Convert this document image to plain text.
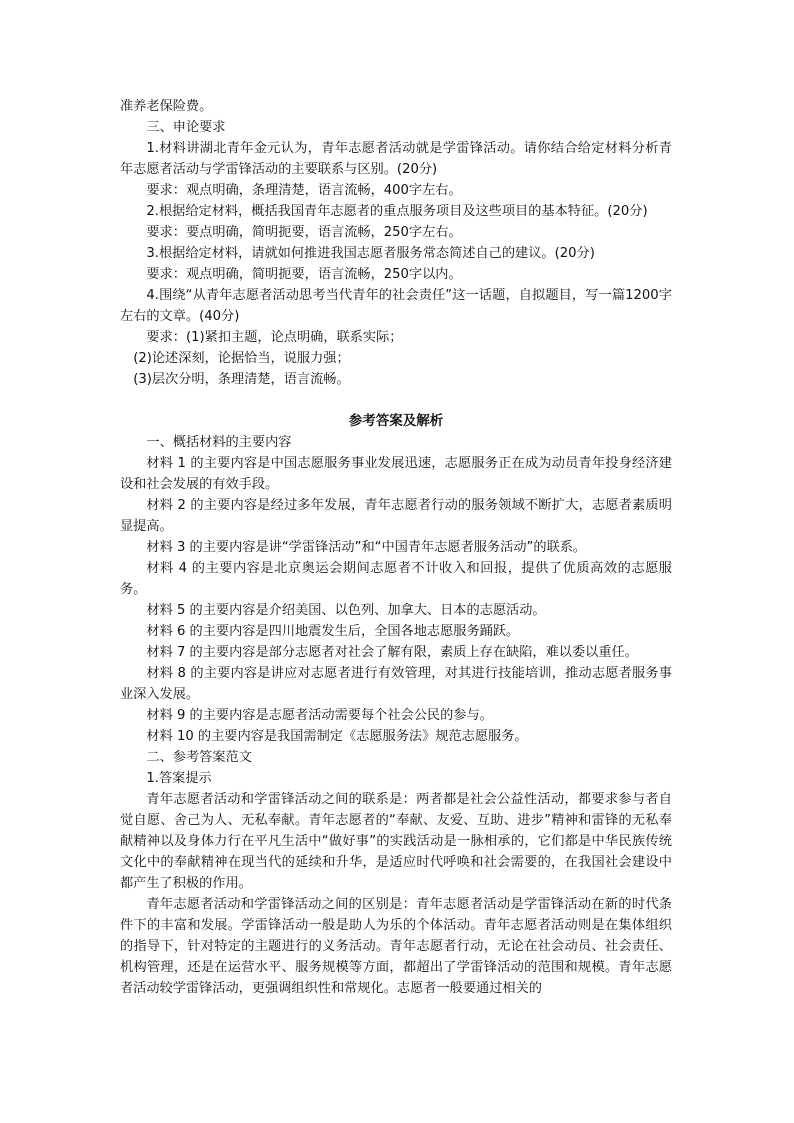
准养老保险费。

三、申论要求

1.材料讲湖北青年金元认为，青年志愿者活动就是学雷锋活动。请你结合给定材料分析青年志愿者活动与学雷锋活动的主要联系与区别。(20分)

要求：观点明确，条理清楚，语言流畅，400字左右。

2.根据给定材料，概括我国青年志愿者的重点服务项目及这些项目的基本特征。(20分)

要求：要点明确，简明扼要，语言流畅，250字左右。

3.根据给定材料，请就如何推进我国志愿者服务常态简述自己的建议。(20分)

要求：观点明确，简明扼要，语言流畅，250字以内。

4.围绕“从青年志愿者活动思考当代青年的社会责任”这一话题，自拟题目，写一篇1200字左右的文章。(40分)

要求：(1)紧扣主题，论点明确，联系实际；

(2)论述深刻，论据恰当，说服力强；

(3)层次分明，条理清楚，语言流畅。

参考答案及解析

一、概括材料的主要内容

材料 1 的主要内容是中国志愿服务事业发展迅速，志愿服务正在成为动员青年投身经济建设和社会发展的有效手段。

材料 2 的主要内容是经过多年发展，青年志愿者行动的服务领域不断扩大，志愿者素质明显提高。

材料 3 的主要内容是讲“学雷锋活动”和“中国青年志愿者服务活动”的联系。

材料 4 的主要内容是北京奥运会期间志愿者不计收入和回报，提供了优质高效的志愿服务。

材料 5 的主要内容是介绍美国、以色列、加拿大、日本的志愿活动。

材料 6 的主要内容是四川地震发生后，全国各地志愿服务踊跃。

材料 7 的主要内容是部分志愿者对社会了解有限，素质上存在缺陷，难以委以重任。

材料 8 的主要内容是讲应对志愿者进行有效管理，对其进行技能培训，推动志愿者服务事业深入发展。

材料 9 的主要内容是志愿者活动需要每个社会公民的参与。

材料 10 的主要内容是我国需制定《志愿服务法》规范志愿服务。

二、参考答案范文

1.答案提示

青年志愿者活动和学雷锋活动之间的联系是：两者都是社会公益性活动，都要求参与者自觉自愿、舍己为人、无私奉献。青年志愿者的“奉献、友爱、互助、进步”精神和雷锋的无私奉献精神以及身体力行在平凡生活中“做好事”的实践活动是一脉相承的，它们都是中华民族传统文化中的奉献精神在现当代的延续和升华，是适应时代呼唤和社会需要的，在我国社会建设中都产生了积极的作用。

青年志愿者活动和学雷锋活动之间的区别是：青年志愿者活动是学雷锋活动在新的时代条件下的丰富和发展。学雷锋活动一般是助人为乐的个体活动。青年志愿者活动则是在集体组织的指导下，针对特定的主题进行的义务活动。青年志愿者行动，无论在社会动员、社会责任、机构管理，还是在运营水平、服务规模等方面，都超出了学雷锋活动的范围和规模。青年志愿者活动较学雷锋活动，更强调组织性和常规化。志愿者一般要通过相关的
